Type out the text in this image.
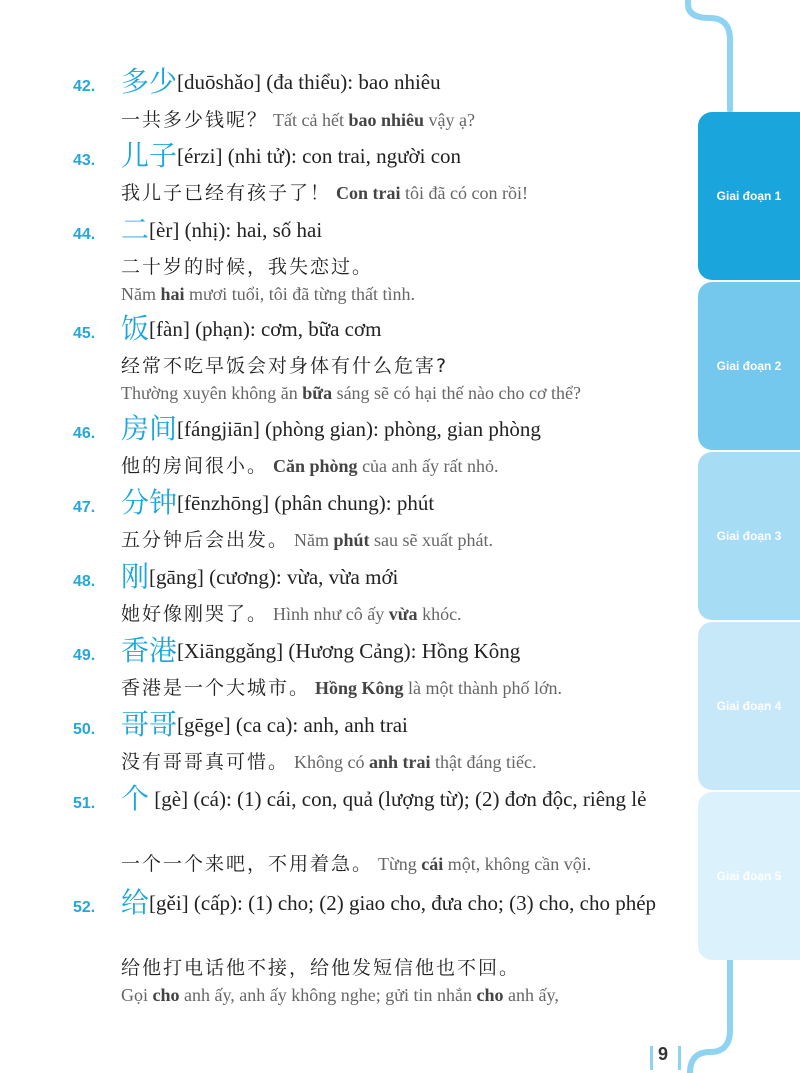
42. 多少[duōshǎo] (đa thiểu): bao nhiêu
一共多少钱呢？ Tất cả hết bao nhiêu vậy ạ?
43. 儿子[érzi] (nhi tử): con trai, người con
我儿子已经有孩子了！ Con trai tôi đã có con rồi!
44. 二[èr] (nhị): hai, số hai
二十岁的时候，我失恋过。
Năm hai mươi tuổi, tôi đã từng thất tình.
45. 饭[fàn] (phạn): cơm, bữa cơm
经常不吃早饭会对身体有什么危害?
Thường xuyên không ăn bữa sáng sẽ có hại thế nào cho cơ thể?
46. 房间[fángjiān] (phòng gian): phòng, gian phòng
他的房间很小。 Căn phòng của anh ấy rất nhỏ.
47. 分钟[fēnzhōng] (phân chung): phút
五分钟后会出发。 Năm phút sau sẽ xuất phát.
48. 刚[gāng] (cương): vừa, vừa mới
她好像刚哭了。 Hình như cô ấy vừa khóc.
49. 香港[Xiānggǎng] (Hương Cảng): Hồng Kông
香港是一个大城市。 Hồng Kông là một thành phố lớn.
50. 哥哥[gēge] (ca ca): anh, anh trai
没有哥哥真可惜。 Không có anh trai thật đáng tiếc.
51. 个 [gè] (cá): (1) cái, con, quả (lượng từ); (2) đơn độc, riêng lẻ
一个一个来吧，不用着急。 Từng cái một, không cần vội.
52. 给[gěi] (cấp): (1) cho; (2) giao cho, đưa cho; (3) cho, cho phép
给他打电话他不接，给他发短信他也不回。
Gọi cho anh ấy, anh ấy không nghe; gửi tin nhắn cho anh ấy,
Giai đoạn 1
Giai đoạn 2
Giai đoạn 3
Giai đoạn 4
Giai đoạn 5
9
